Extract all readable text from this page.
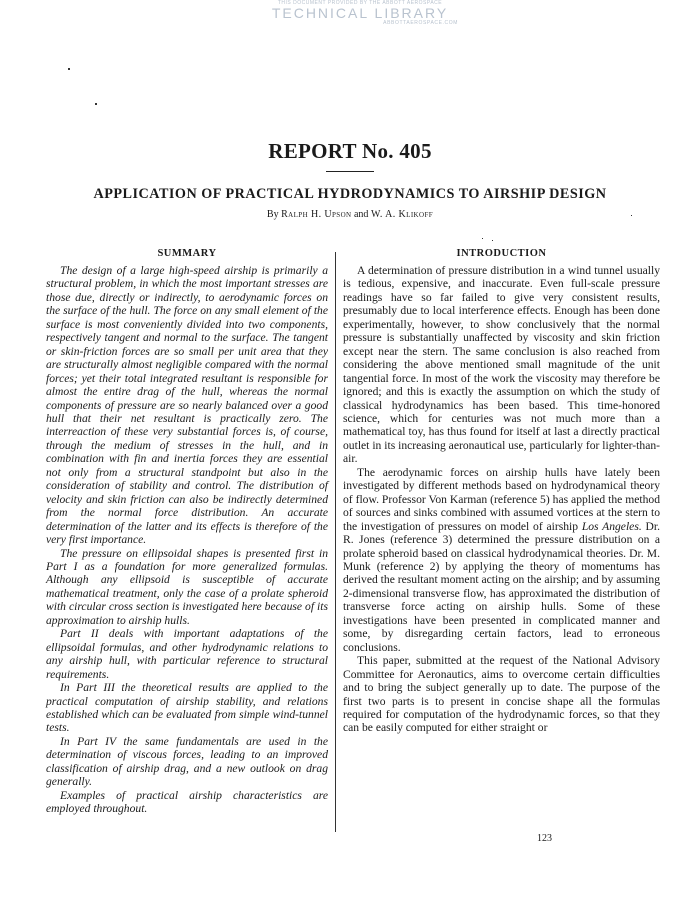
THIS DOCUMENT PROVIDED BY THE ABBOTT AEROSPACE
TECHNICAL LIBRARY
ABBOTTAEROSPACE.COM
REPORT No. 405
APPLICATION OF PRACTICAL HYDRODYNAMICS TO AIRSHIP DESIGN
By Ralph H. Upson and W. A. Klikoff
SUMMARY

The design of a large high-speed airship is primarily a structural problem, in which the most important stresses are those due, directly or indirectly, to aerodynamic forces on the surface of the hull. The force on any small element of the surface is most conveniently divided into two components, respectively tangent and normal to the surface. The tangent or skin-friction forces are so small per unit area that they are structurally almost negligible compared with the normal forces; yet their total integrated resultant is responsible for almost the entire drag of the hull, whereas the normal components of pressure are so nearly balanced over a good hull that their net resultant is practically zero. The interreaction of these very substantial forces is, of course, through the medium of stresses in the hull, and in combination with fin and inertia forces they are essential not only from a structural standpoint but also in the consideration of stability and control. The distribution of velocity and skin friction can also be indirectly determined from the normal force distribution. An accurate determination of the latter and its effects is therefore of the very first importance.

The pressure on ellipsoidal shapes is presented first in Part I as a foundation for more generalized formulas. Although any ellipsoid is susceptible of accurate mathematical treatment, only the case of a prolate spheroid with circular cross section is investigated here because of its approximation to airship hulls.

Part II deals with important adaptations of the ellipsoidal formulas, and other hydrodynamic relations to any airship hull, with particular reference to structural requirements.

In Part III the theoretical results are applied to the practical computation of airship stability, and relations established which can be evaluated from simple wind-tunnel tests.

In Part IV the same fundamentals are used in the determination of viscous forces, leading to an improved classification of airship drag, and a new outlook on drag generally.

Examples of practical airship characteristics are employed throughout.

INTRODUCTION

A determination of pressure distribution in a wind tunnel usually is tedious, expensive, and inaccurate. Even full-scale pressure readings have so far failed to give very consistent results, presumably due to local interference effects. Enough has been done experimentally, however, to show conclusively that the normal pressure is substantially unaffected by viscosity and skin friction except near the stern. The same conclusion is also reached from considering the above mentioned small magnitude of the unit tangential force. In most of the work the viscosity may therefore be ignored; and this is exactly the assumption on which the study of classical hydrodynamics has been based. This time-honored science, which for centuries was not much more than a mathematical toy, has thus found for itself at last a directly practical outlet in its increasing aeronautical use, particularly for lighter-than-air.

The aerodynamic forces on airship hulls have lately been investigated by different methods based on hydrodynamical theory of flow. Professor Von Karman (reference 5) has applied the method of sources and sinks combined with assumed vortices at the stern to the investigation of pressures on model of airship Los Angeles. Dr. R. Jones (reference 3) determined the pressure distribution on a prolate spheroid based on classical hydrodynamical theories. Dr. M. Munk (reference 2) by applying the theory of momentums has derived the resultant moment acting on the airship; and by assuming 2-dimensional transverse flow, has approximated the distribution of transverse force acting on airship hulls. Some of these investigations have been presented in complicated manner and some, by disregarding certain factors, lead to erroneous conclusions.

This paper, submitted at the request of the National Advisory Committee for Aeronautics, aims to overcome certain difficulties and to bring the subject generally up to date. The purpose of the first two parts is to present in concise shape all the formulas required for computation of the hydrodynamic forces, so that they can be easily computed for either straight or

123
